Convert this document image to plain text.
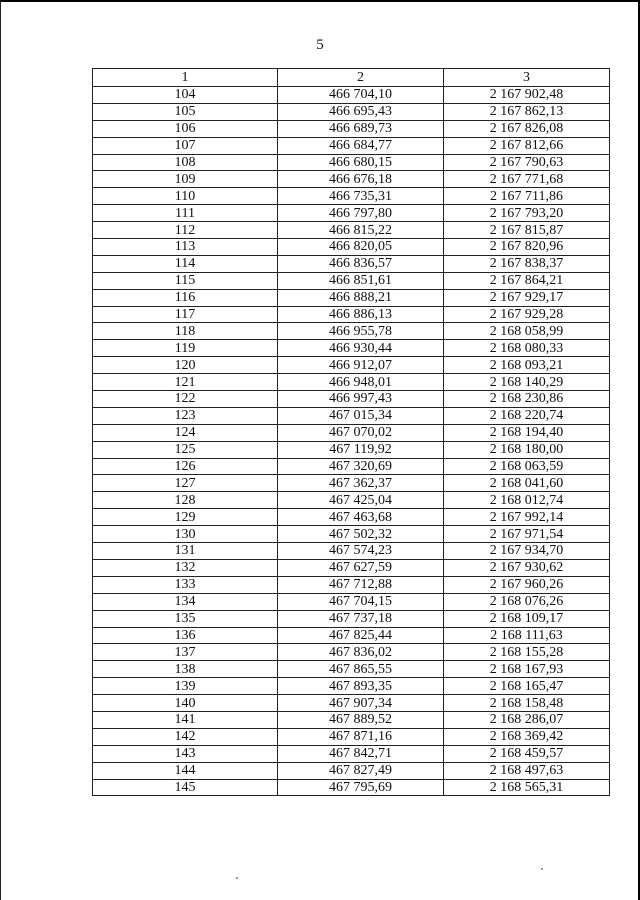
5
1	2	3
104	466 704,10	2 167 902,48
105	466 695,43	2 167 862,13
106	466 689,73	2 167 826,08
107	466 684,77	2 167 812,66
108	466 680,15	2 167 790,63
109	466 676,18	2 167 771,68
110	466 735,31	2 167 711,86
111	466 797,80	2 167 793,20
112	466 815,22	2 167 815,87
113	466 820,05	2 167 820,96
114	466 836,57	2 167 838,37
115	466 851,61	2 167 864,21
116	466 888,21	2 167 929,17
117	466 886,13	2 167 929,28
118	466 955,78	2 168 058,99
119	466 930,44	2 168 080,33
120	466 912,07	2 168 093,21
121	466 948,01	2 168 140,29
122	466 997,43	2 168 230,86
123	467 015,34	2 168 220,74
124	467 070,02	2 168 194,40
125	467 119,92	2 168 180,00
126	467 320,69	2 168 063,59
127	467 362,37	2 168 041,60
128	467 425,04	2 168 012,74
129	467 463,68	2 167 992,14
130	467 502,32	2 167 971,54
131	467 574,23	2 167 934,70
132	467 627,59	2 167 930,62
133	467 712,88	2 167 960,26
134	467 704,15	2 168 076,26
135	467 737,18	2 168 109,17
136	467 825,44	2 168 111,63
137	467 836,02	2 168 155,28
138	467 865,55	2 168 167,93
139	467 893,35	2 168 165,47
140	467 907,34	2 168 158,48
141	467 889,52	2 168 286,07
142	467 871,16	2 168 369,42
143	467 842,71	2 168 459,57
144	467 827,49	2 168 497,63
145	467 795,69	2 168 565,31
